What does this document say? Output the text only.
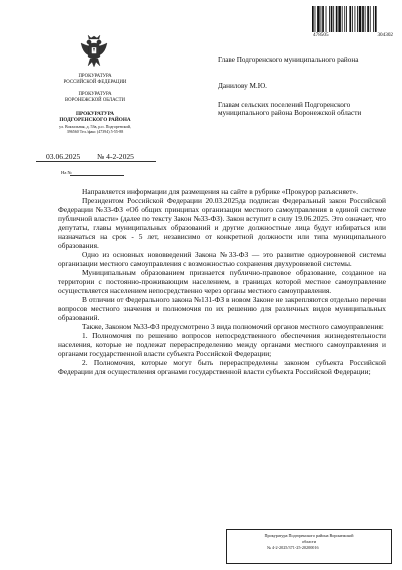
478505	304302
ПРОКУРАТУРА
РОССИЙСКОЙ ФЕДЕРАЦИИ
ПРОКУРАТУРА
ВОРОНЕЖСКОЙ ОБЛАСТИ
ПРОКУРАТУРА
ПОДГОРЕНСКОГО РАЙОНА
ул. Вокзальная, д. 53в, р.п. Подгоренский,
396560 Тел./факс (47394) 5-55-88
03.06.2025 № 4-2-2025
На №
Главе Подгоренского муниципального района
Данилову М.Ю.
Главам сельских поселений Подгоренского муниципального района Воронежской области

Направляется информации для размещения на сайте в рубрике «Прокурор разъясняет».

Президентом Российской Федерации 20.03.2025да подписан Федеральный закон Российской Федерации №33-ФЗ «Об общих принципах организации местного самоуправления в единой системе публичной власти» (далее по тексту Закон №33-ФЗ). Закон вступит в силу 19.06.2025. Это означает, что депутаты, главы муниципальных образований и другие должностные лица будут избираться или назначаться на срок - 5 лет, независимо от конкретной должности или типа муниципального образования.

Одно из основных нововведений Закона №33-ФЗ — это развитие одноуровневой системы организации местного самоуправления с возможностью сохранения двухуровневой системы.

Муниципальным образованием признается публично-правовое образование, созданное на территории с постоянно-проживающим населением, в границах которой местное самоуправление осуществляется населением непосредственно через органы местного самоуправления.

В отличии от Федерального закона №131-ФЗ в новом Законе не закрепляются отдельно перечни вопросов местного значения и полномочия по их решению для различных видов муниципальных образований.

Также, Законом №33-ФЗ предусмотрено 3 вида полномочий органов местного самоуправления:

1. Полномочия по решению вопросов непосредственного обеспечения жизнедеятельности населения, которые не подлежат перераспределению между органами местного самоуправления и органами государственной власти субъекта Российской Федерации;

2. Полномочия, которые могут быть перераспределены законом субъекта Российской Федерации для осуществления органами государственной власти субъекта Российской Федерации;

Прокуратура Подгоренского района Воронежской
области
№ 4-2-2025/371-25-20200016
